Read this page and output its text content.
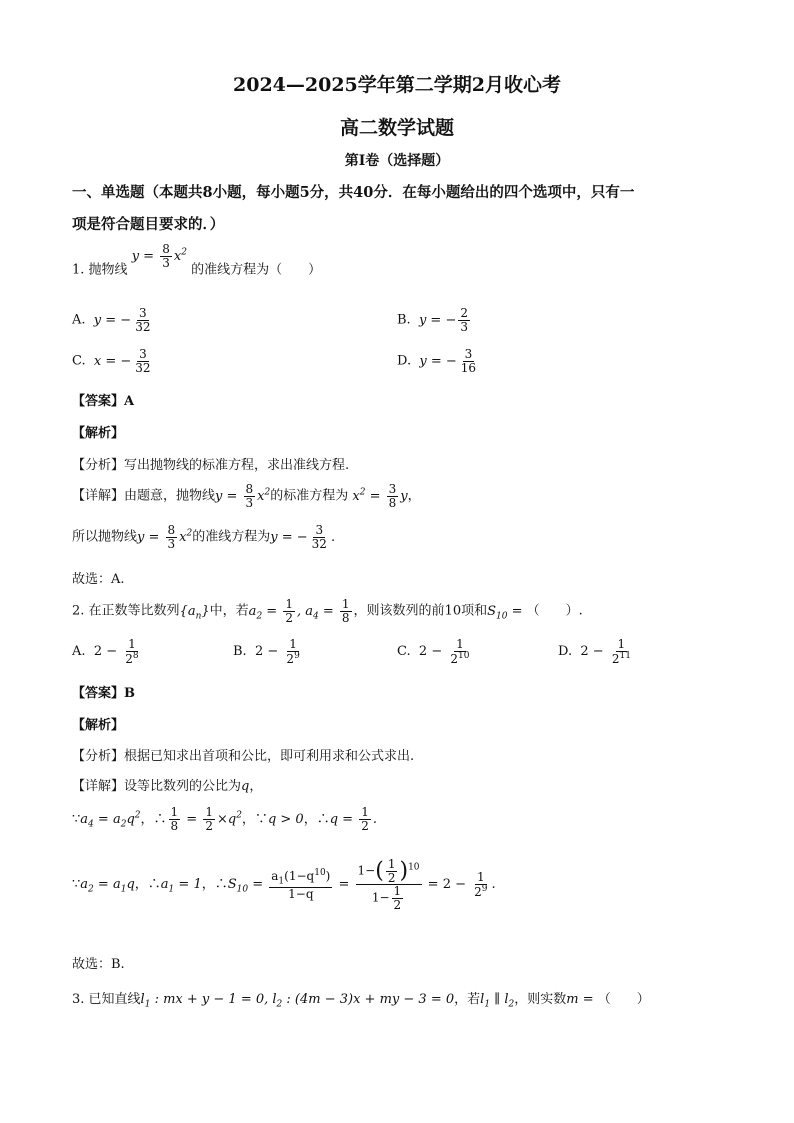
2024—2025学年第二学期2月收心考
高二数学试题
第I卷（选择题）
一、单选题（本题共8小题，每小题5分，共40分．在每小题给出的四个选项中，只有一
项是符合题目要求的．）
1. 抛物线 $y = \frac{8}{3} x^2$ 的准线方程为（　　）
A.  y = − $\frac{3}{32}$	B.  y = − $\frac{2}{3}$
C.  x = − $\frac{3}{32}$	D.  y = − $\frac{3}{16}$
【答案】A
【解析】
【分析】写出抛物线的标准方程，求出准线方程.
【详解】由题意，抛物线$y = \frac{8}{3} x^2$的标准方程为 $x^2 = \frac{3}{8}$ y，
所以抛物线$y = \frac{8}{3} x^2$的准线方程为y = − $\frac{3}{32}$ .
故选：A.
2. 在正数等比数列$\{a_n\}$中，若$a_2 = \frac{1}{2}$ , $a_4 = \frac{1}{8}$ ，则该数列的前10项和$S_{10}$ = （　　）.
A. $2 - \frac{1}{2^8}$	B. $2 - \frac{1}{2^9}$	C. $2 - \frac{1}{2^{10}}$	D. $2 - \frac{1}{2^{11}}$
【答案】B
【解析】
【分析】根据已知求出首项和公比，即可利用求和公式求出.
【详解】设等比数列的公比为q，
$\because a_4 = a_2q^2$，∴ $\frac{1}{8} = \frac{1}{2} \times q^2$，∵q > 0，∴q = $\frac{1}{2}$ .
$\because a_2 = a_1q$，$\therefore a_1 = 1$，$\therefore S_{10} = \frac{a_1(1-q^{10})}{1-q} = \frac{1-( \frac{1}{2} )^{10}}{1- \frac{1}{2}} = 2 - \frac{1}{2^9}$ .
故选：B.
3. 已知直线$l_1$ : mx + y − 1 = 0, $l_2$ : (4m − 3)x + my − 3 = 0，若$l_1$ ∥ $l_2$，则实数m = （　　）
